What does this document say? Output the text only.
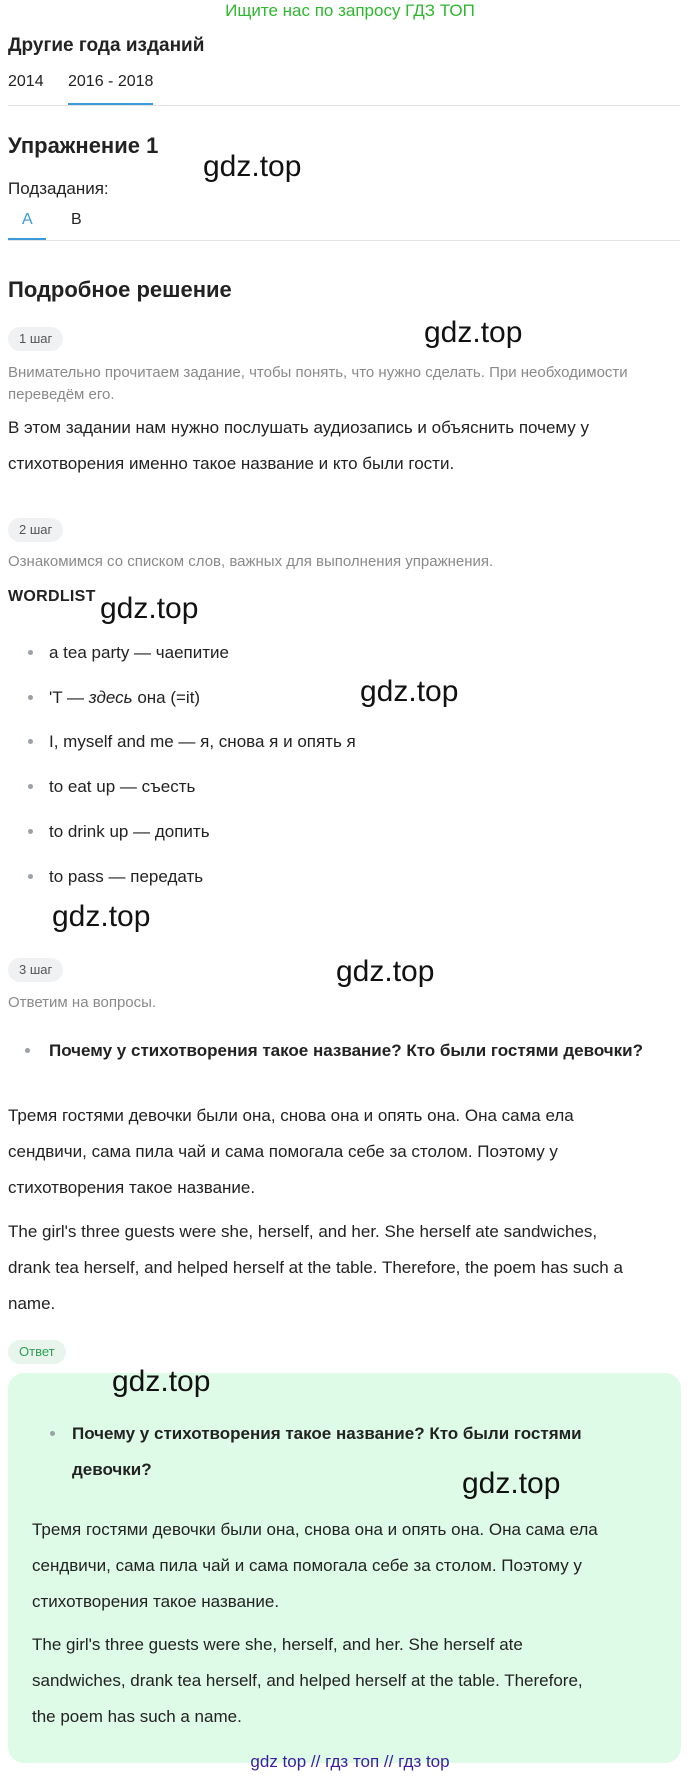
Ищите нас по запросу ГДЗ ТОП
Другие года изданий
2014 2016 - 2018
Упражнение 1
Подзадания:
A B
Подробное решение
1 шаг
Внимательно прочитаем задание, чтобы понять, что нужно сделать. При необходимости
переведём его.
В этом задании нам нужно послушать аудиозапись и объяснить почему у
стихотворения именно такое название и кто были гости.
2 шаг
Ознакомимся со списком слов, важных для выполнения упражнения.
WORDLIST
a tea party — чаепитие
'T — здесь она (=it)
I, myself and me — я, снова я и опять я
to eat up — съесть
to drink up — допить
to pass — передать
3 шаг
Ответим на вопросы.
Почему у стихотворения такое название? Кто были гостями девочки?
Тремя гостями девочки были она, снова она и опять она. Она сама ела
сендвичи, сама пила чай и сама помогала себе за столом. Поэтому у
стихотворения такое название.
The girl's three guests were she, herself, and her. She herself ate sandwiches,
drank tea herself, and helped herself at the table. Therefore, the poem has such a
name.
Ответ
Почему у стихотворения такое название? Кто были гостями
девочки?
Тремя гостями девочки были она, снова она и опять она. Она сама ела
сендвичи, сама пила чай и сама помогала себе за столом. Поэтому у
стихотворения такое название.
The girl's three guests were she, herself, and her. She herself ate
sandwiches, drank tea herself, and helped herself at the table. Therefore,
the poem has such a name.
gdz.top
gdz.top
gdz.top
gdz.top
gdz.top
gdz.top
gdz.top
gdz.top
gdz top // гдз топ // гдз top
